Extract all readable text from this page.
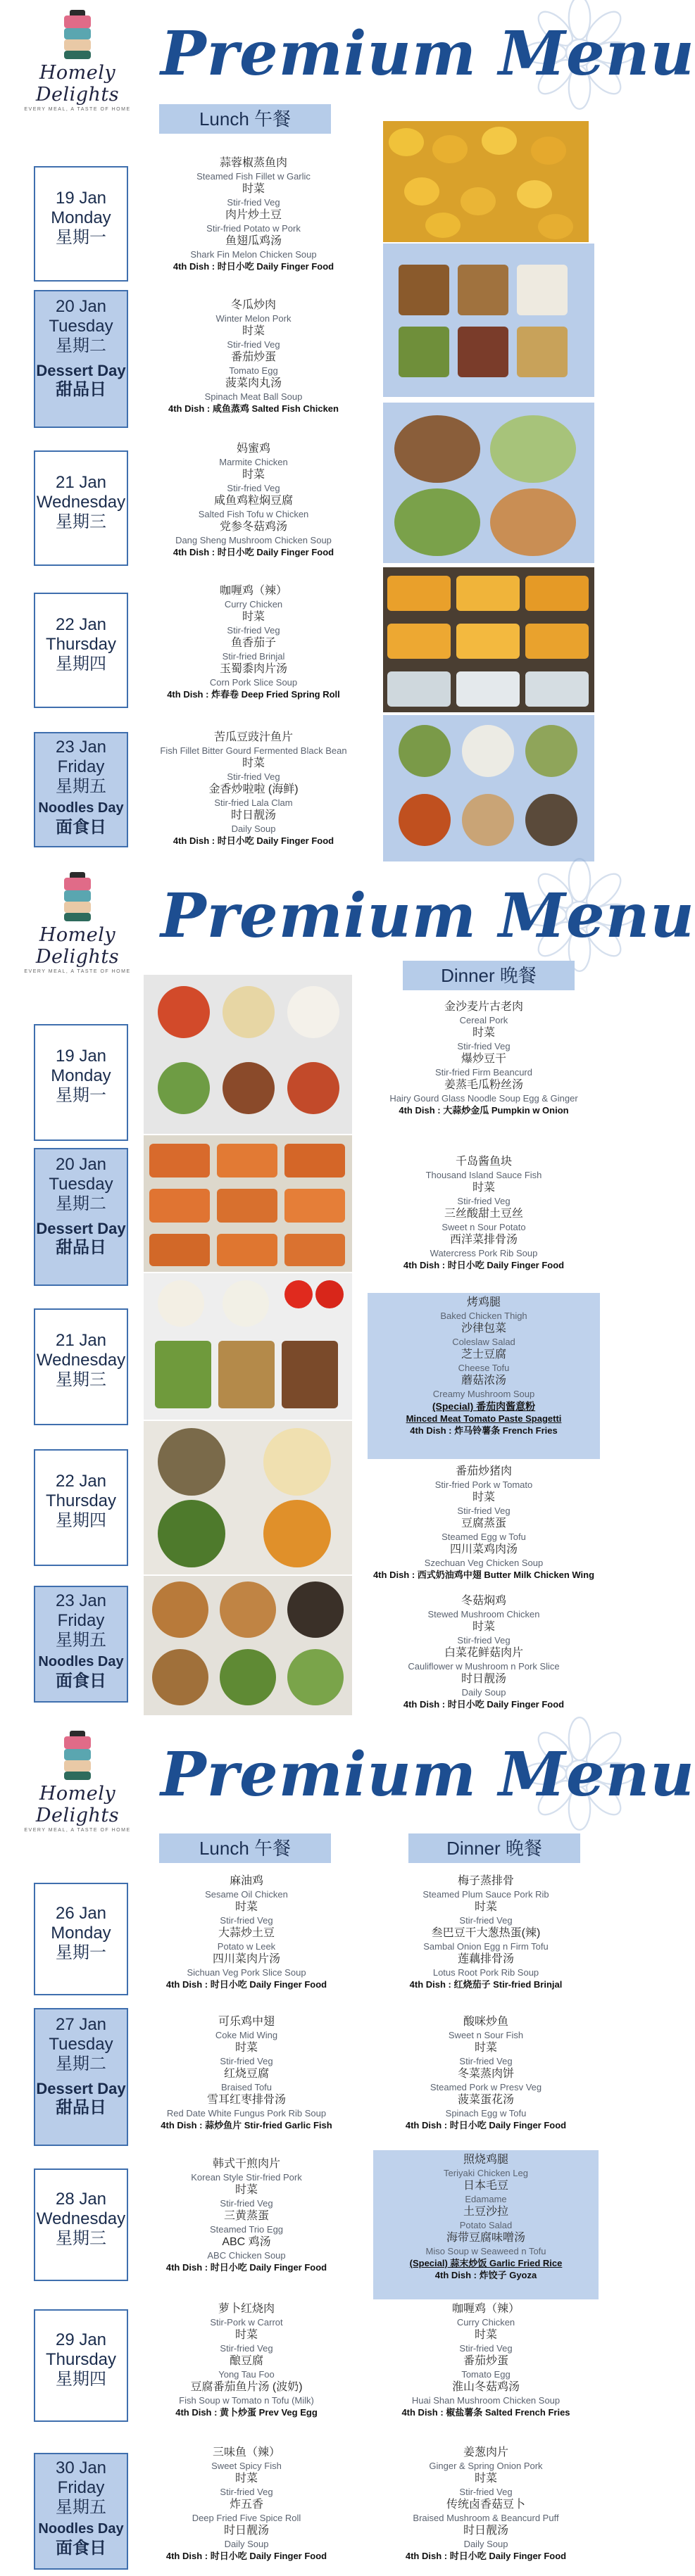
Homely Delights
EVERY MEAL, A TASTE OF HOME
Premium Menu
Lunch 午餐
19 Jan
Monday
星期一
20 Jan
Tuesday
星期二
Dessert Day
甜品日
21 Jan
Wednesday
星期三
22 Jan
Thursday
星期四
23 Jan
Friday
星期五
Noodles Day
面食日
蒜蓉椒蒸鱼肉
Steamed Fish Fillet w Garlic
时菜
Stir-fried Veg
肉片炒土豆
Stir-fried Potato w Pork
鱼翅瓜鸡汤
Shark Fin Melon Chicken Soup
4th Dish : 时日小吃 Daily Finger Food
冬瓜炒肉
Winter Melon Pork
时菜
Stir-fried Veg
番茄炒蛋
Tomato Egg
菠菜肉丸汤
Spinach Meat Ball Soup
4th Dish : 咸鱼蒸鸡 Salted Fish Chicken
妈蜜鸡
Marmite Chicken
时菜
Stir-fried Veg
咸鱼鸡粒焖豆腐
Salted Fish Tofu w Chicken
党参冬菇鸡汤
Dang Sheng Mushroom Chicken Soup
4th Dish : 时日小吃 Daily Finger Food
咖喱鸡（辣）
Curry Chicken
时菜
Stir-fried Veg
鱼香茄子
Stir-fried Brinjal
玉蜀黍肉片汤
Corn Pork Slice Soup
4th Dish : 炸春卷 Deep Fried Spring Roll
苦瓜豆豉汁鱼片
Fish Fillet Bitter Gourd Fermented Black Bean
时菜
Stir-fried Veg
金香炒啦啦 (海鲜)
Stir-fried Lala Clam
时日靓汤
Daily Soup
4th Dish : 时日小吃 Daily Finger Food
Homely Delights
EVERY MEAL, A TASTE OF HOME
Premium Menu
Dinner 晚餐
19 Jan
Monday
星期一
20 Jan
Tuesday
星期二
Dessert Day
甜品日
21 Jan
Wednesday
星期三
22 Jan
Thursday
星期四
23 Jan
Friday
星期五
Noodles Day
面食日
金沙麦片古老肉
Cereal Pork
时菜
Stir-fried Veg
爆炒豆干
Stir-fried Firm Beancurd
姜蒸毛瓜粉丝汤
Hairy Gourd Glass Noodle Soup Egg & Ginger
4th Dish : 大蒜炒金瓜 Pumpkin w Onion
千岛酱鱼块
Thousand Island Sauce Fish
时菜
Stir-fried Veg
三丝酸甜土豆丝
Sweet n Sour Potato
西洋菜排骨汤
Watercress Pork Rib Soup
4th Dish : 时日小吃 Daily Finger Food
烤鸡腿
Baked Chicken Thigh
沙律包菜
Coleslaw Salad
芝士豆腐
Cheese Tofu
蘑菇浓汤
Creamy Mushroom Soup
(Special) 番茄肉酱意粉
Minced Meat Tomato Paste Spagetti
4th Dish : 炸马铃薯条 French Fries
番茄炒猪肉
Stir-fried Pork w Tomato
时菜
Stir-fried Veg
豆腐蒸蛋
Steamed Egg w Tofu
四川菜鸡肉汤
Szechuan Veg Chicken Soup
4th Dish : 西式奶油鸡中翅 Butter Milk Chicken Wing
冬菇焖鸡
Stewed Mushroom Chicken
时菜
Stir-fried Veg
白菜花鲜菇肉片
Cauliflower w Mushroom n Pork Slice
时日靓汤
Daily Soup
4th Dish : 时日小吃 Daily Finger Food
Homely Delights
EVERY MEAL, A TASTE OF HOME
Premium Menu
Lunch 午餐	Dinner 晚餐
26 Jan
Monday
星期一
27 Jan
Tuesday
星期二
Dessert Day
甜品日
28 Jan
Wednesday
星期三
29 Jan
Thursday
星期四
30 Jan
Friday
星期五
Noodles Day
面食日
麻油鸡
Sesame Oil Chicken
时菜
Stir-fried Veg
大蒜炒土豆
Potato w Leek
四川菜肉片汤
Sichuan Veg Pork Slice Soup
4th Dish : 时日小吃 Daily Finger Food
可乐鸡中翅
Coke Mid Wing
时菜
Stir-fried Veg
红烧豆腐
Braised Tofu
雪耳红枣排骨汤
Red Date White Fungus Pork Rib Soup
4th Dish : 蒜炒鱼片 Stir-fried Garlic Fish
韩式干煎肉片
Korean Style Stir-fried Pork
时菜
Stir-fried Veg
三黄蒸蛋
Steamed Trio Egg
ABC 鸡汤
ABC Chicken Soup
4th Dish : 时日小吃 Daily Finger Food
萝卜红烧肉
Stir-Pork w Carrot
时菜
Stir-fried Veg
酿豆腐
Yong Tau Foo
豆腐番茄鱼片汤 (波奶)
Fish Soup w Tomato n Tofu (Milk)
4th Dish : 黄卜炒蛋 Prev Veg Egg
三味鱼（辣）
Sweet Spicy Fish
时菜
Stir-fried Veg
炸五香
Deep Fried Five Spice Roll
时日靓汤
Daily Soup
4th Dish : 时日小吃 Daily Finger Food
梅子蒸排骨
Steamed Plum Sauce Pork Rib
时菜
Stir-fried Veg
叁巴豆干大葱热蛋(辣)
Sambal Onion Egg n Firm Tofu
莲藕排骨汤
Lotus Root Pork Rib Soup
4th Dish : 红烧茄子 Stir-fried Brinjal
酸咪炒鱼
Sweet n Sour Fish
时菜
Stir-fried Veg
冬菜蒸肉饼
Steamed Pork w Presv Veg
菠菜蛋花汤
Spinach Egg w Tofu
4th Dish : 时日小吃 Daily Finger Food
照烧鸡腿
Teriyaki Chicken Leg
日本毛豆
Edamame
土豆沙拉
Potato Salad
海带豆腐味噌汤
Miso Soup w Seaweed n Tofu
(Special) 蒜末炒饭 Garlic Fried Rice
4th Dish : 炸饺子 Gyoza
咖喱鸡（辣）
Curry Chicken
时菜
Stir-fried Veg
番茄炒蛋
Tomato Egg
淮山冬菇鸡汤
Huai Shan Mushroom Chicken Soup
4th Dish : 椒盐薯条 Salted French Fries
姜葱肉片
Ginger & Spring Onion Pork
时菜
Stir-fried Veg
传统卤香菇豆卜
Braised Mushroom & Beancurd Puff
时日靓汤
Daily Soup
4th Dish : 时日小吃 Daily Finger Food
